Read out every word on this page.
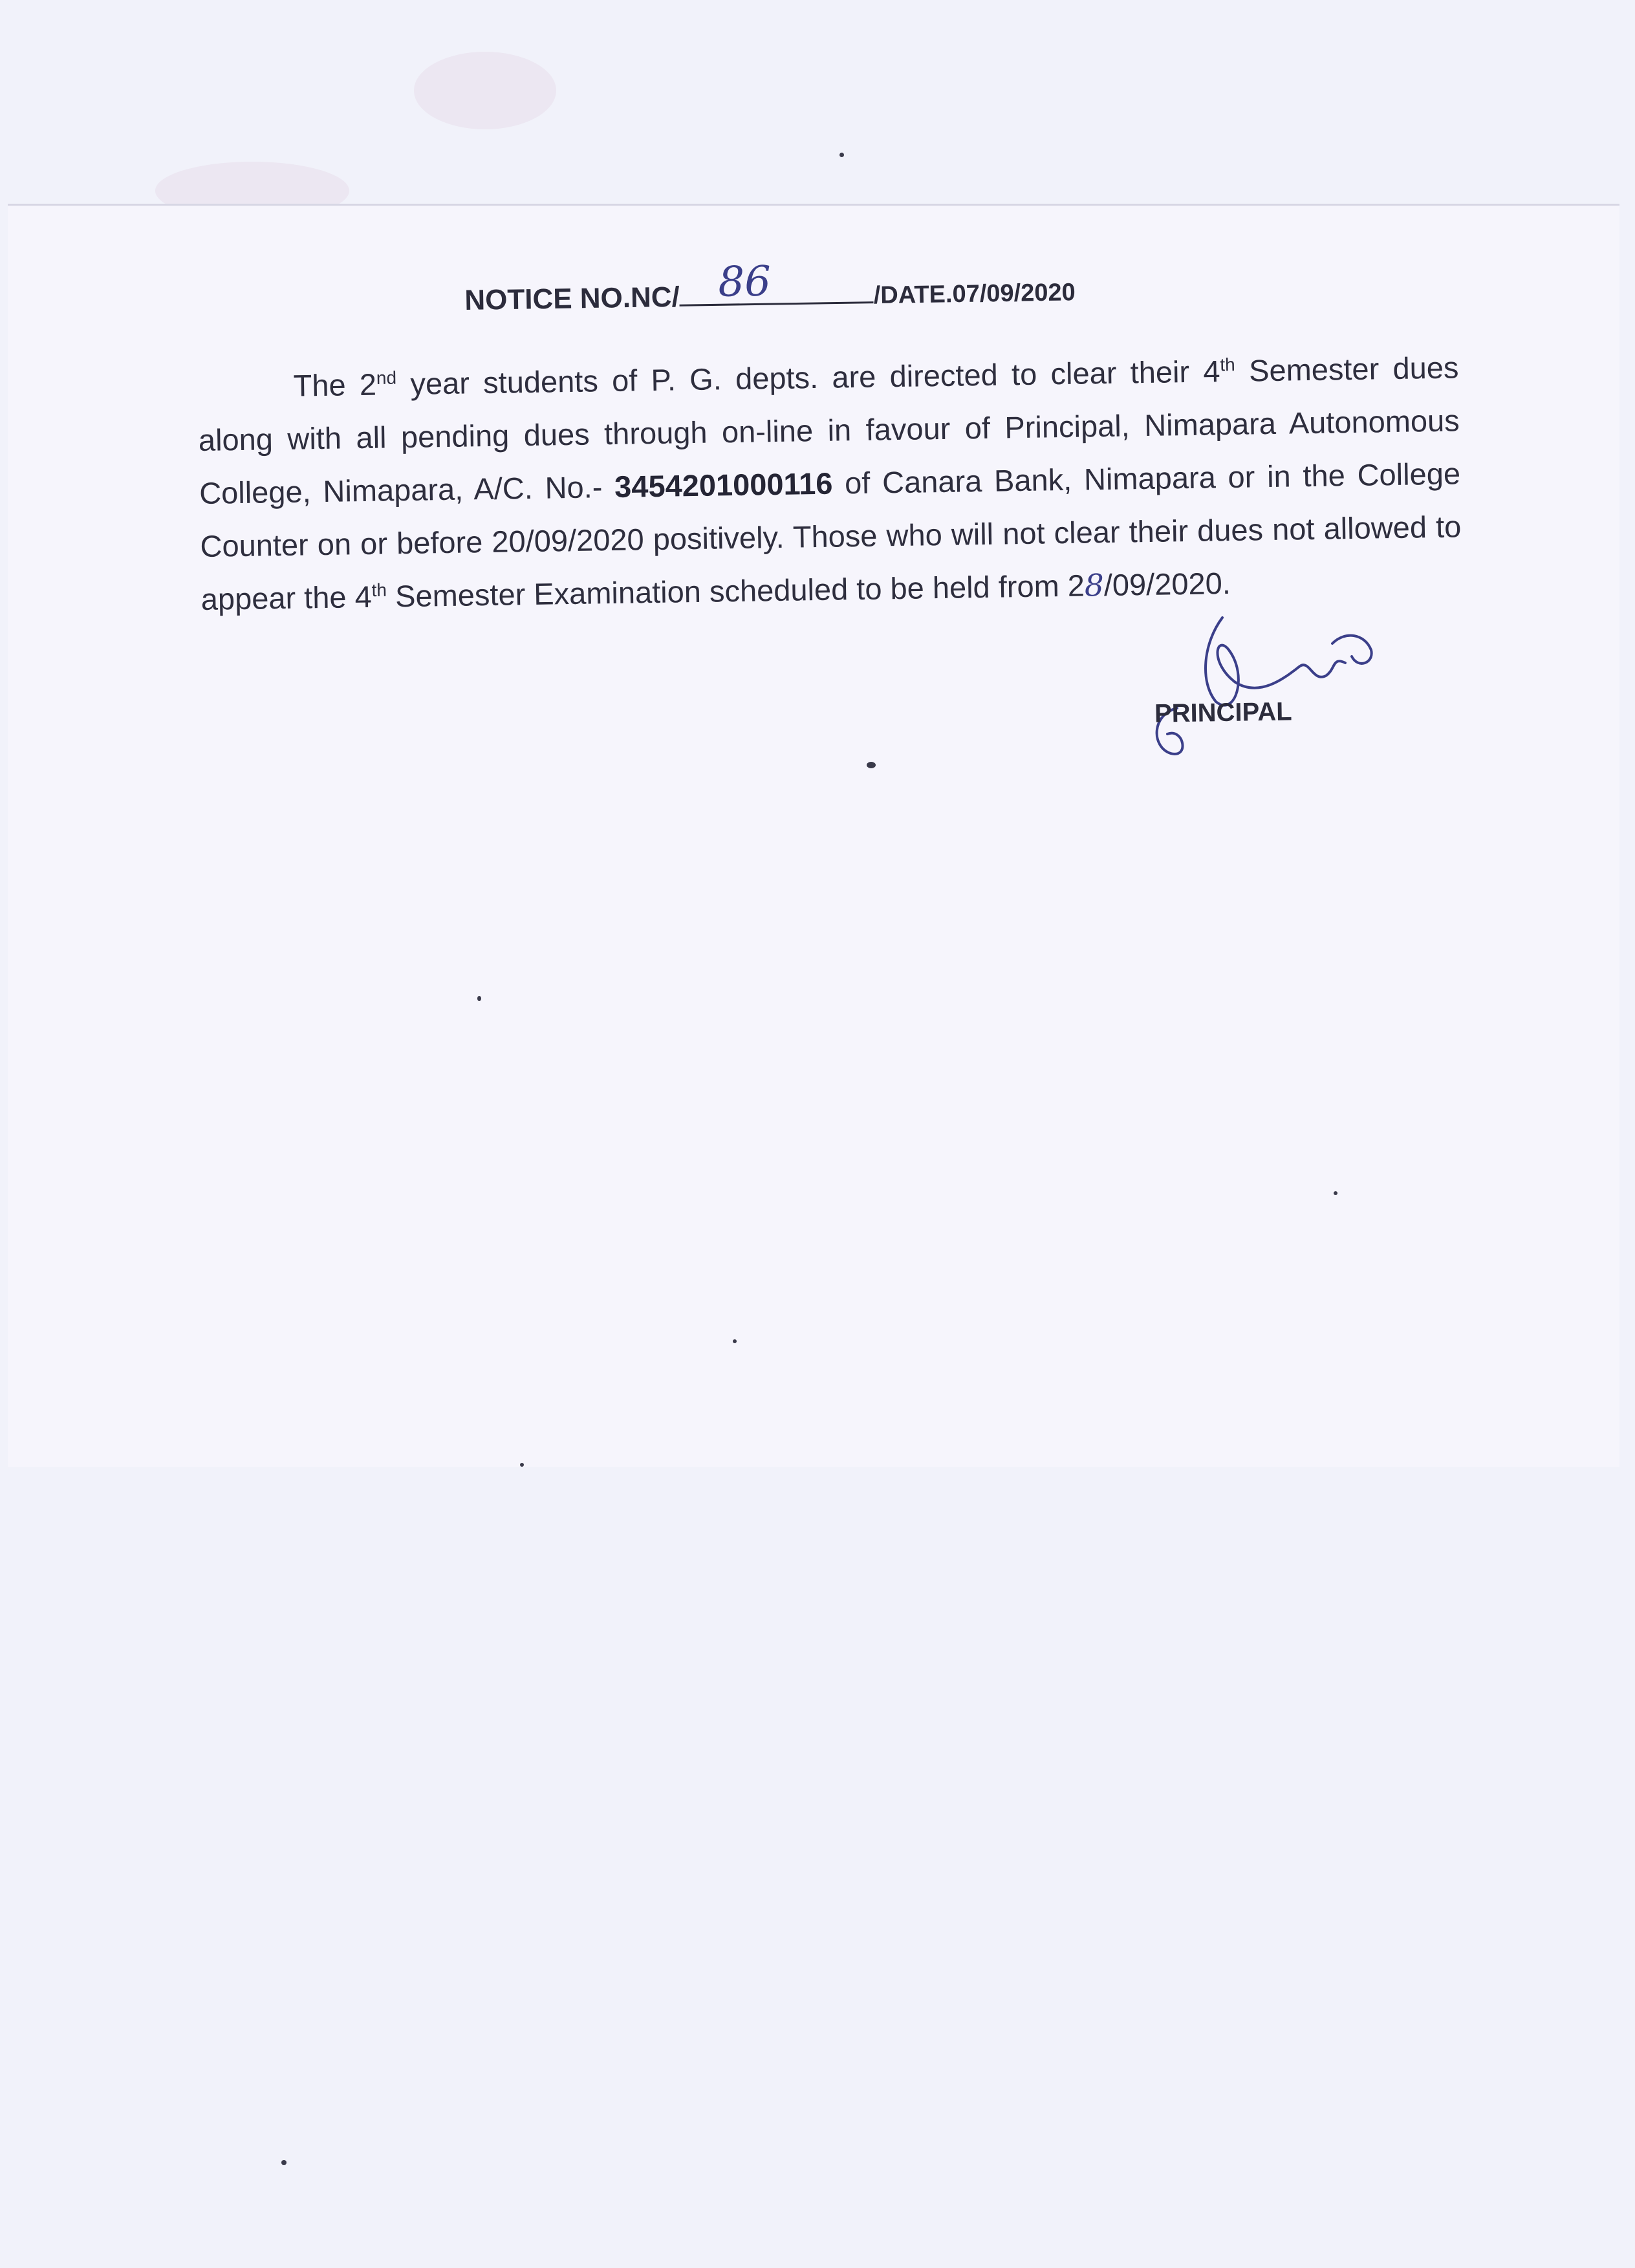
NOTICE NO.NC/ 86	/DATE.07/09/2020

The 2nd year students of P. G. depts. are directed to clear their 4th Semester dues along with all pending dues through on-line in favour of Principal, Nimapara Autonomous College, Nimapara, A/C. No.- 3454201000116 of Canara Bank, Nimapara or in the College Counter on or before 20/09/2020 positively. Those who will not clear their dues not allowed to appear the 4th Semester Examination scheduled to be held from 28/09/2020.

PRINCIPAL
